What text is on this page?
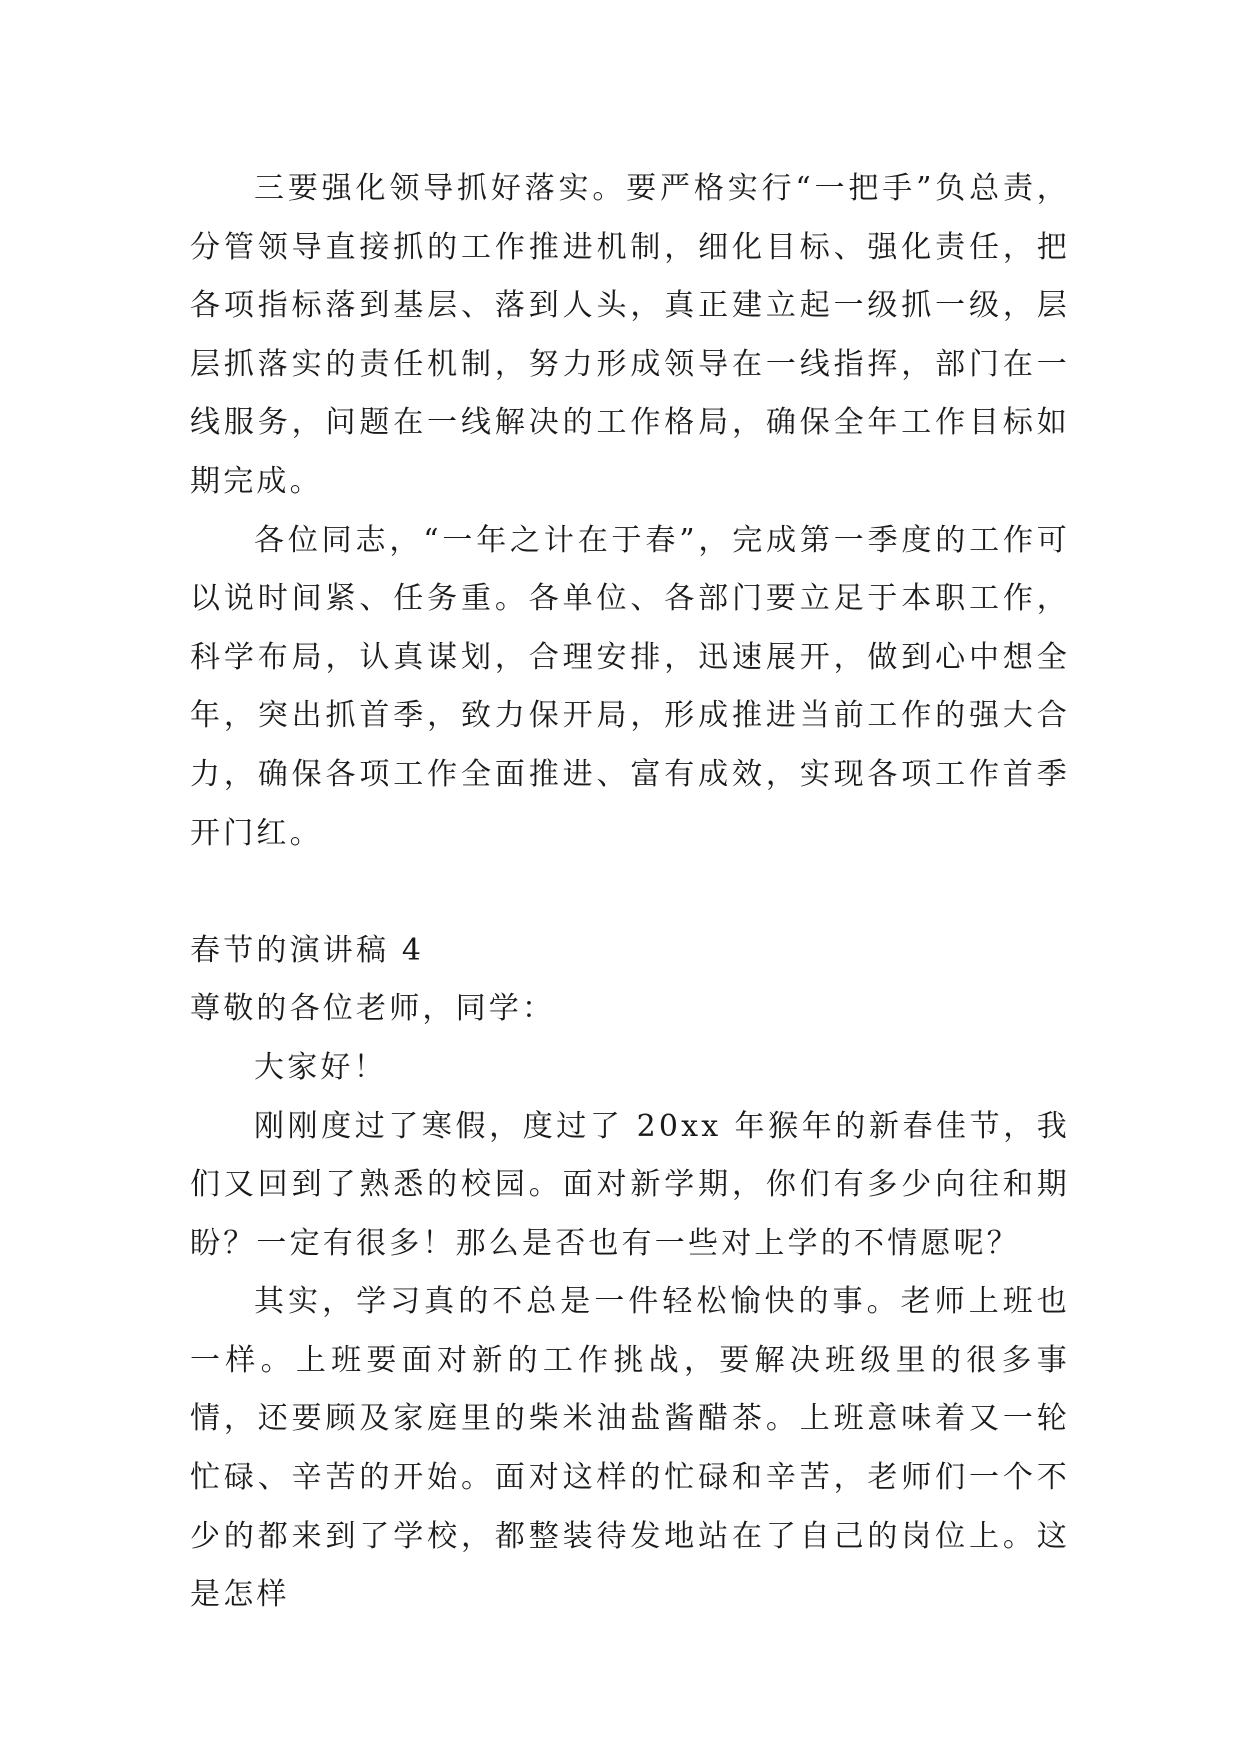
三要强化领导抓好落实。要严格实行“一把手”负总责，分管领导直接抓的工作推进机制，细化目标、强化责任，把各项指标落到基层、落到人头，真正建立起一级抓一级，层层抓落实的责任机制，努力形成领导在一线指挥，部门在一线服务，问题在一线解决的工作格局，确保全年工作目标如期完成。

各位同志，“一年之计在于春”，完成第一季度的工作可以说时间紧、任务重。各单位、各部门要立足于本职工作，科学布局，认真谋划，合理安排，迅速展开，做到心中想全年，突出抓首季，致力保开局，形成推进当前工作的强大合力，确保各项工作全面推进、富有成效，实现各项工作首季开门红。

春节的演讲稿 4

尊敬的各位老师，同学：

大家好！

刚刚度过了寒假，度过了 20xx 年猴年的新春佳节，我们又回到了熟悉的校园。面对新学期，你们有多少向往和期盼？一定有很多！那么是否也有一些对上学的不情愿呢？

其实，学习真的不总是一件轻松愉快的事。老师上班也一样。上班要面对新的工作挑战，要解决班级里的很多事情，还要顾及家庭里的柴米油盐酱醋茶。上班意味着又一轮忙碌、辛苦的开始。面对这样的忙碌和辛苦，老师们一个不少的都来到了学校，都整装待发地站在了自己的岗位上。这是怎样
